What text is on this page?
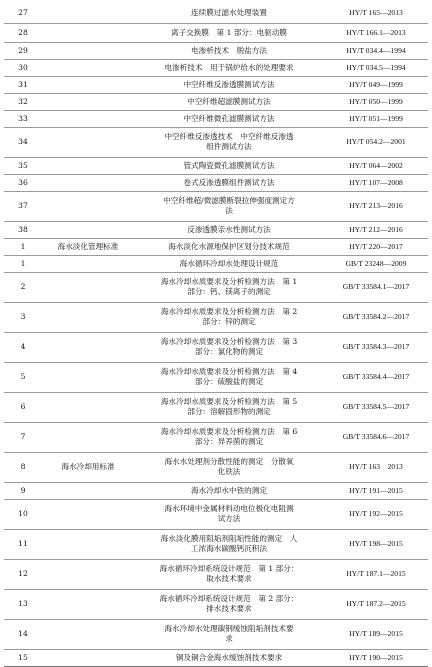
27		连续膜过滤水处理装置	HY/T 165—2013
28		离子交换膜　第 1 部分：电驱动膜	HY/T 166.1—2013
29		电渗析技术　脱盐方法	HY/T 034.4—1994
30		电渗析技术　用于锅炉给水的处理要求	HY/T 034.5—1994
31		中空纤维反渗透膜测试方法	HY/T 049—1999
32		中空纤维超滤膜测试方法	HY/T 050—1999
33		中空纤维微孔滤膜测试方法	HY/T 051—1999
34		中空纤维反渗透技术　中空纤维反渗透
组件测试方法	HY/T 054.2—2001
35		管式陶瓷微孔滤膜测试方法	HY/T 064—2002
36		卷式反渗透膜组件测试方法	HY/T 107—2008
37		中空纤维超/微滤膜断裂拉伸强度测定方
法	HY/T 213—2016
38		反渗透膜亲水性测试方法	HY/T 212—2016
1	海水淡化管理标准	海水淡化水源地保护区划分技术规范	HY/T 220—2017
1		海水循环冷却水处理设计规范	GB/T 23248—2009
2		海水冷却水质要求及分析检测方法　第 1
部分：钙、镁离子的测定	GB/T 33584.1—2017
3		海水冷却水质要求及分析检测方法　第 2
部分：锌的测定	GB/T 33584.2—2017
4		海水冷却水质要求及分析检测方法　第 3
部分：氯化物的测定	GB/T 33584.3—2017
5		海水冷却水质要求及分析检测方法　第 4
部分：硫酸盐的测定	GB/T 33584.4—2017
6		海水冷却水质要求及分析检测方法　第 5
部分：溶解固形物的测定	GB/T 33584.5—2017
7		海水冷却水质要求及分析检测方法　第 6
部分：异养菌的测定	GB/T 33584.6—2017
8	海水冷却用标准	海水水处理剂分散性能的测定　分散氧
化铁法	HY/T 163　2013
9		海水冷却水中铁的测定	HY/T 191—2015
10		海水环境中金属材料动电位极化电阻测
试方法	HY/T 192—2015
11		海水淡化膜用阻垢剂阻垢性能的测定　人
工浓海水碳酸钙沉积法	HY/T 198—2015
12		海水循环冷却系统设计规范　第 1 部分：
取水技术要求	HY/T 187.1—2015
13		海水循环冷却系统设计规范　第 2 部分：
排水技术要求	HY/T 187.2—2015
14		海水冷却水处理碳钢缓蚀阻垢剂技术要
求	HY/T 189—2015
15		铜及铜合金海水缓蚀剂技术要求	HY/T 190—2015
